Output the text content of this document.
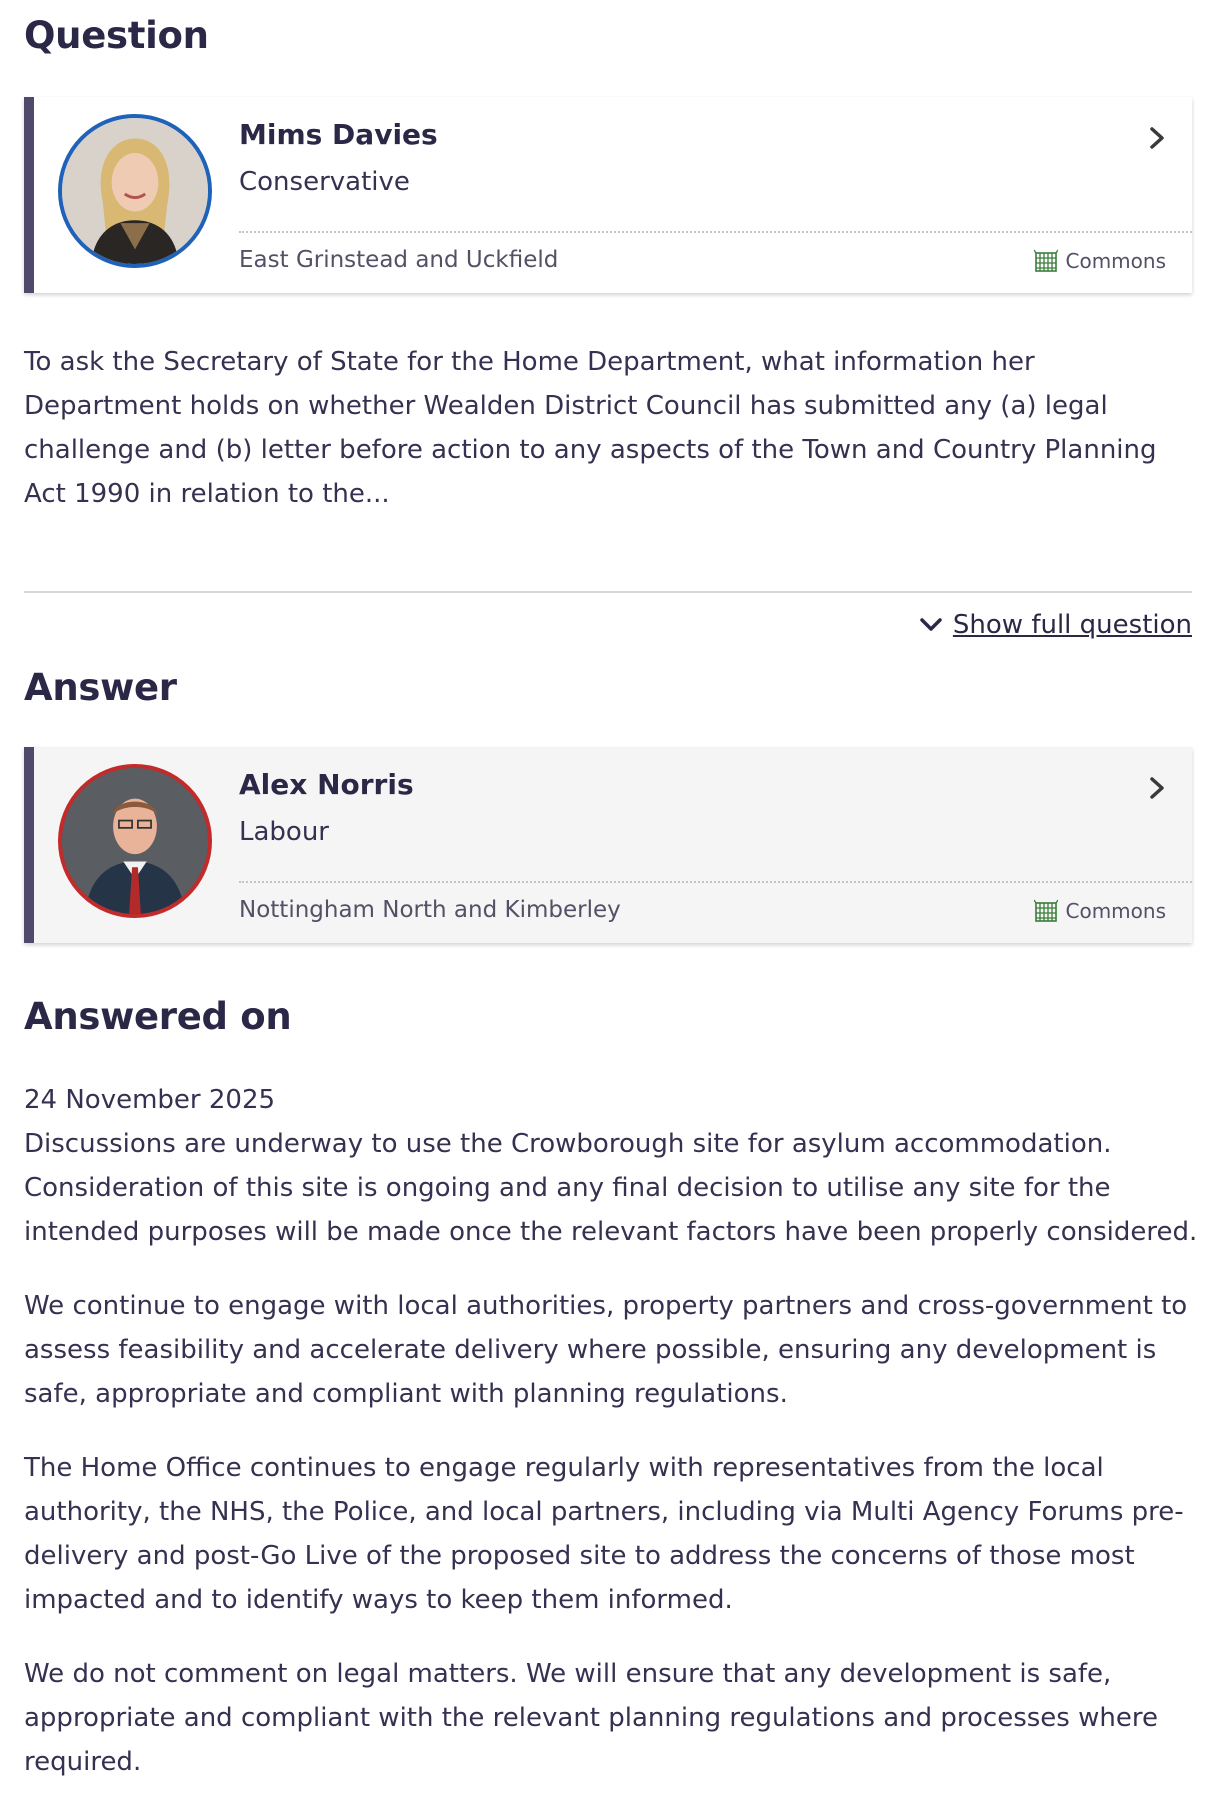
Question
Mims Davies
Conservative
East Grinstead and Uckfield	Commons

To ask the Secretary of State for the Home Department, what information her Department holds on whether Wealden District Council has submitted any (a) legal challenge and (b) letter before action to any aspects of the Town and Country Planning Act 1990 in relation to the...

Show full question
Answer
Alex Norris
Labour
Nottingham North and Kimberley	Commons
Answered on
24 November 2025

Discussions are underway to use the Crowborough site for asylum accommodation. Consideration of this site is ongoing and any final decision to utilise any site for the intended purposes will be made once the relevant factors have been properly considered.

We continue to engage with local authorities, property partners and cross-government to assess feasibility and accelerate delivery where possible, ensuring any development is safe, appropriate and compliant with planning regulations.

The Home Office continues to engage regularly with representatives from the local authority, the NHS, the Police, and local partners, including via Multi Agency Forums pre-delivery and post-Go Live of the proposed site to address the concerns of those most impacted and to identify ways to keep them informed.

We do not comment on legal matters. We will ensure that any development is safe, appropriate and compliant with the relevant planning regulations and processes where required.
